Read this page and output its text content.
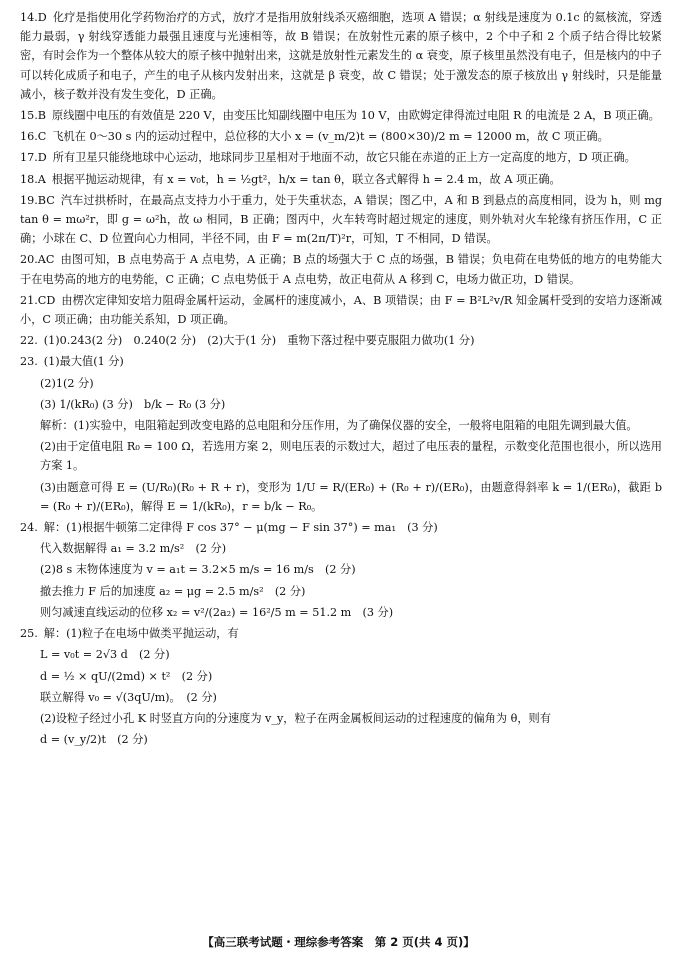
14.D 化疗是指使用化学药物治疗的方式，放疗才是指用放射线杀灭癌细胞，选项 A 错误；α 射线是速度为 0.1c 的氦核流，穿透能力最弱，γ 射线穿透能力最强且速度与光速相等，故 B 错误；在放射性元素的原子核中，2 个中子和 2 个质子结合得比较紧密，有时会作为一个整体从较大的原子核中抛射出来，这就是放射性元素发生的 α 衰变，原子核里虽然没有电子，但是核内的中子可以转化成质子和电子，产生的电子从核内发射出来，这就是 β 衰变，故 C 错误；处于激发态的原子核放出 γ 射线时，只是能量减小，核子数并没有发生变化，D 正确。
15.B 原线圈中电压的有效值是 220 V，由变压比知副线圈中电压为 10 V，由欧姆定律得流过电阻 R 的电流是 2 A，B 项正确。
16.C 飞机在 0～30 s 内的运动过程中，总位移的大小 x = (v_m/2)t = (800×30)/2 m = 12000 m，故 C 项正确。
17.D 所有卫星只能绕地球中心运动，地球同步卫星相对于地面不动，故它只能在赤道的正上方一定高度的地方，D 项正确。
18.A 根据平抛运动规律，有 x = v₀t，h = ½gt²，h/x = tan θ，联立各式解得 h = 2.4 m，故 A 项正确。
19.BC 汽车过拱桥时，在最高点支持力小于重力，处于失重状态，A 错误；图乙中，A 和 B 到悬点的高度相同，设为 h，则 mg tan θ = mω²r，即 g = ω²h，故 ω 相同，B 正确；图丙中，火车转弯时超过规定的速度，则外轨对火车轮缘有挤压作用，C 正确；小球在 C、D 位置向心力相同，半径不同，由 F = m(2π/T)²r，可知，T 不相同，D 错误。
20.AC 由图可知，B 点电势高于 A 点电势，A 正确；B 点的场强大于 C 点的场强，B 错误；负电荷在电势低的地方的电势能大于在电势高的地方的电势能，C 正确；C 点电势低于 A 点电势，故正电荷从 A 移到 C，电场力做正功，D 错误。
21.CD 由楞次定律知安培力阻碍金属杆运动，金属杆的速度减小，A、B 项错误；由 F = B²L²v/R 知金属杆受到的安培力逐渐减小，C 项正确；由功能关系知，D 项正确。
22. (1)0.243(2 分)　0.240(2 分)　(2)大于(1 分)　重物下落过程中要克服阻力做功(1 分)
23. (1)最大值(1 分)
(2)1(2 分)
(3) 1/(kR₀) (3 分)　b/k − R₀ (3 分)
解析：(1)实验中，电阻箱起到改变电路的总电阻和分压作用，为了确保仪器的安全，一般将电阻箱的电阻先调到最大值。
(2)由于定值电阻 R₀ = 100 Ω，若选用方案 2，则电压表的示数过大，超过了电压表的量程，示数变化范围也很小，所以选用方案 1。
(3)由题意可得 E = (U/R₀)(R₀ + R + r)，变形为 1/U = R/(ER₀) + (R₀ + r)/(ER₀)，由题意得斜率 k = 1/(ER₀)，截距 b = (R₀ + r)/(ER₀)，解得 E = 1/(kR₀)，r = b/k − R₀。
24. 解：(1)根据牛顿第二定律得 F cos 37° − μ(mg − F sin 37°) = ma₁　(3 分)
代入数据解得 a₁ = 3.2 m/s²　(2 分)
(2)8 s 末物体速度为 v = a₁t = 3.2×5 m/s = 16 m/s　(2 分)
撤去推力 F 后的加速度 a₂ = μg = 2.5 m/s²　(2 分)
则匀减速直线运动的位移 x₂ = v²/(2a₂) = 16²/5 m = 51.2 m　(3 分)
25. 解：(1)粒子在电场中做类平抛运动，有
L = v₀t = 2√3 d　(2 分)
d = ½ × qU/(2md) × t²　(2 分)
联立解得 v₀ = √(3qU/m)。　(2 分)
(2)设粒子经过小孔 K 时竖直方向的分速度为 v_y，粒子在两金属板间运动的过程速度的偏角为 θ，则有
d = (v_y/2)t　(2 分)
【高三联考试题・理综参考答案　第 2 页(共 4 页)】
